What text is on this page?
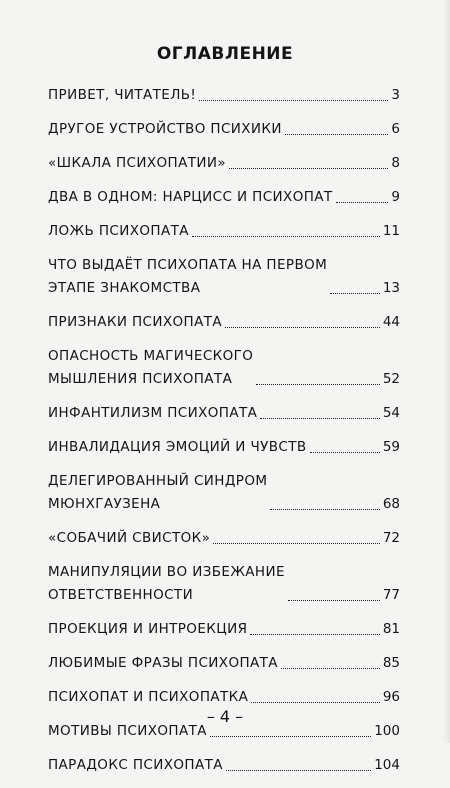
ОГЛАВЛЕНИЕ
ПРИВЕТ, ЧИТАТЕЛЬ!	3
ДРУГОЕ УСТРОЙСТВО ПСИХИКИ	6
«ШКАЛА ПСИХОПАТИИ»	8
ДВА В ОДНОМ: НАРЦИСС И ПСИХОПАТ	9
ЛОЖЬ ПСИХОПАТА	11
ЧТО ВЫДАЁТ ПСИХОПАТА НА ПЕРВОМ
ЭТАПЕ ЗНАКОМСТВА	13
ПРИЗНАКИ ПСИХОПАТА	44
ОПАСНОСТЬ МАГИЧЕСКОГО
МЫШЛЕНИЯ ПСИХОПАТА	52
ИНФАНТИЛИЗМ ПСИХОПАТА	54
ИНВАЛИДАЦИЯ ЭМОЦИЙ И ЧУВСТВ	59
ДЕЛЕГИРОВАННЫЙ СИНДРОМ
МЮНХГАУЗЕНА	68
«СОБАЧИЙ СВИСТОК»	72
МАНИПУЛЯЦИИ ВО ИЗБЕЖАНИЕ
ОТВЕТСТВЕННОСТИ	77
ПРОЕКЦИЯ И ИНТРОЕКЦИЯ	81
ЛЮБИМЫЕ ФРАЗЫ ПСИХОПАТА	85
ПСИХОПАТ И ПСИХОПАТКА	96
МОТИВЫ ПСИХОПАТА	100
ПАРАДОКС ПСИХОПАТА	104
– 4 –
